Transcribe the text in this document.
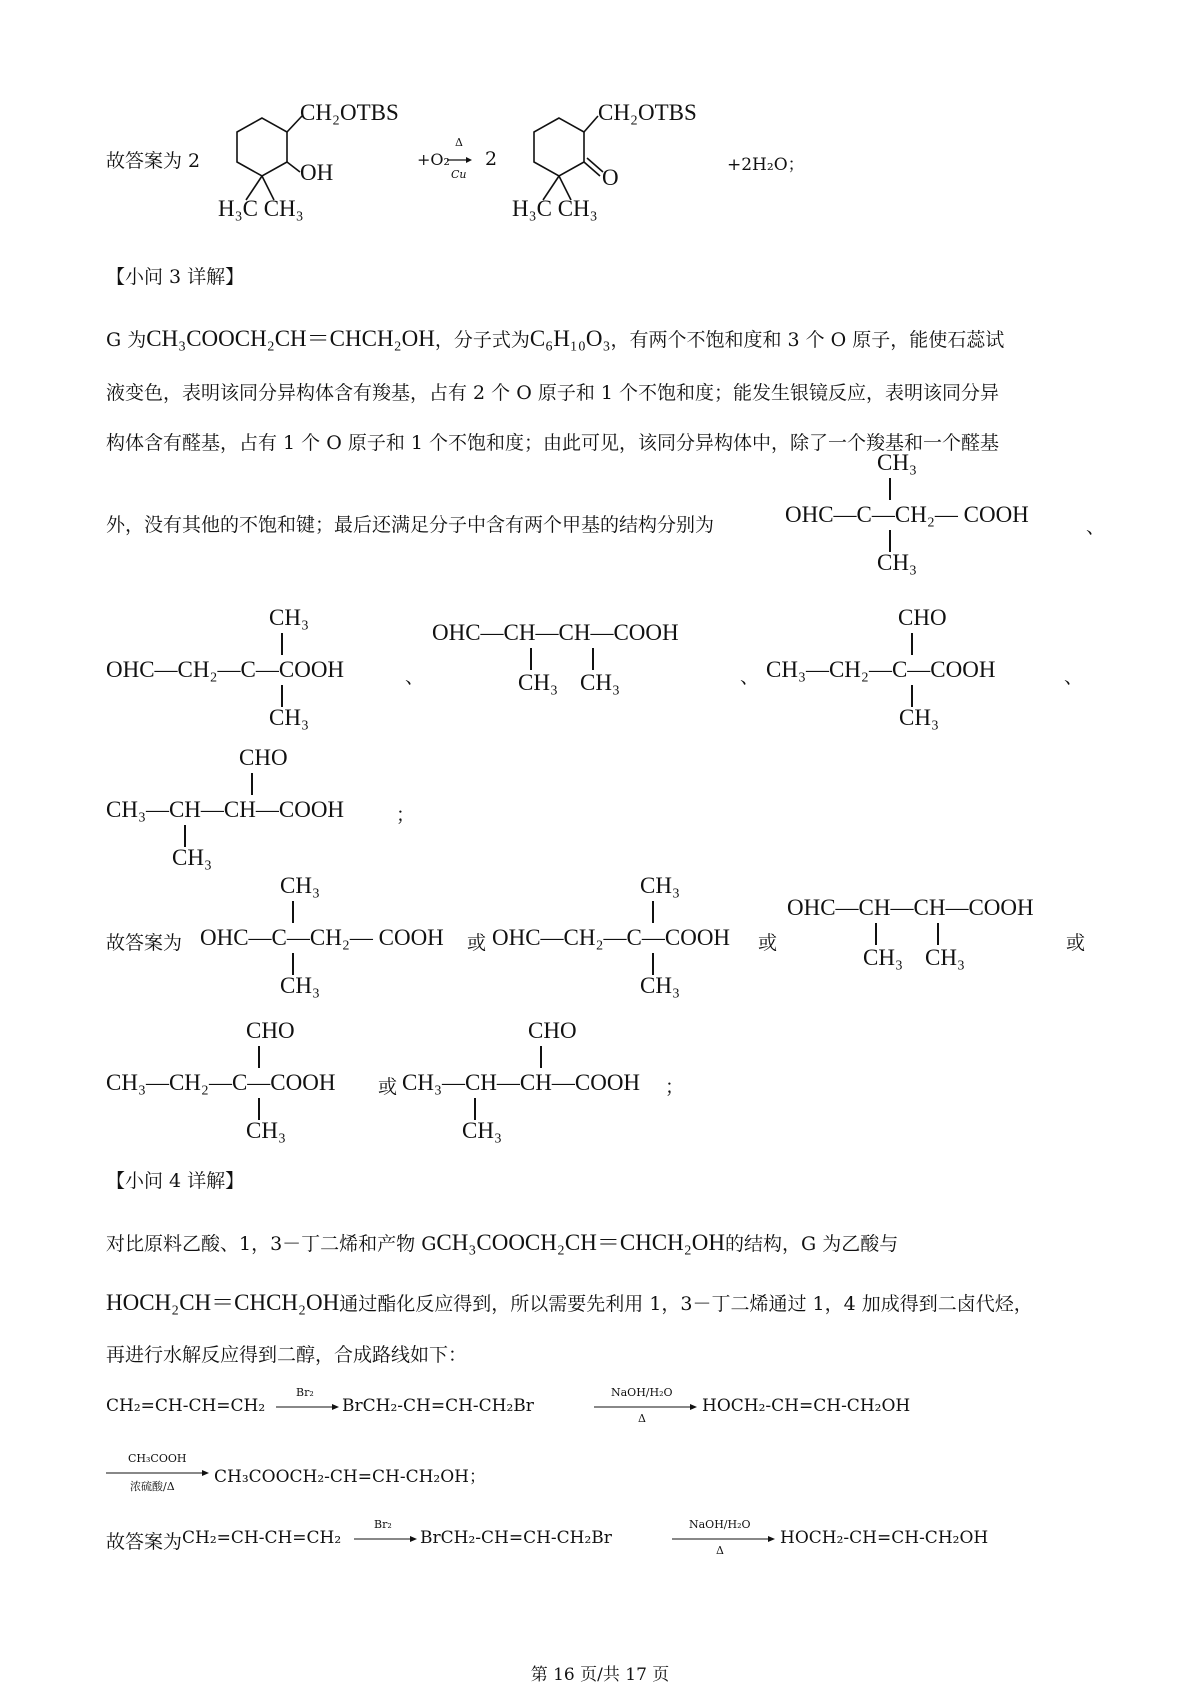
故答案为 2
CH₂OTBS
OH
H₃C CH₃
+O₂
Δ
Cu
2
CH₂OTBS
O
H₃C CH₃
+2H₂O；
【小问 3 详解】
G 为CH₃COOCH₂CH＝CHCH₂OH，分子式为C₆H₁₀O₃，有两个不饱和度和 3 个 O 原子，能使石蕊试
液变色，表明该同分异构体含有羧基，占有 2 个 O 原子和 1 个不饱和度；能发生银镜反应，表明该同分异
构体含有醛基，占有 1 个 O 原子和 1 个不饱和度；由此可见，该同分异构体中，除了一个羧基和一个醛基
外，没有其他的不饱和键；最后还满足分子中含有两个甲基的结构分别为
CH₃
OHC—C—CH₂— COOH
CH₃
、
CH₃
OHC—CH₂—C—COOH
CH₃
、
OHC—CH—CH—COOH
CH₃ CH₃	、
CHO
CH₃—CH₂—C—COOH
CH₃
、
CHO
CH₃—CH—CH—COOH
CH₃
；
故答案为
CH₃
OHC—C—CH₂— COOH
CH₃
或
CH₃
OHC—CH₂—C—COOH
CH₃
或
OHC—CH—CH—COOH
CH₃ CH₃
或
CHO
CH₃—CH₂—C—COOH
CH₃
或
CHO
CH₃—CH—CH—COOH
CH₃
；
【小问 4 详解】
对比原料乙酸、1，3－丁二烯和产物 GCH₃COOCH₂CH＝CHCH₂OH的结构，G 为乙酸与
HOCH₂CH＝CHCH₂OH通过酯化反应得到，所以需要先利用 1，3－丁二烯通过 1，4 加成得到二卤代烃，
再进行水解反应得到二醇，合成路线如下：
CH₂=CH-CH=CH₂
Br₂
BrCH₂-CH=CH-CH₂Br
NaOH/H₂O
Δ
HOCH₂-CH=CH-CH₂OH
CH₃COOH
浓硫酸/Δ CH₃COOCH₂-CH=CH-CH₂OH；
故答案为 CH₂=CH-CH=CH₂
Br₂
BrCH₂-CH=CH-CH₂Br
NaOH/H₂O
Δ
HOCH₂-CH=CH-CH₂OH
第 16 页/共 17 页
